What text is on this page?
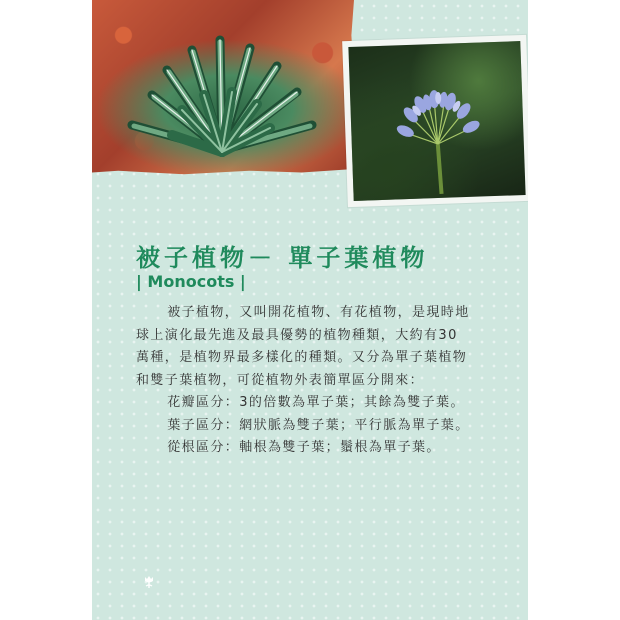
被子植物－ 單子葉植物
| Monocots |

被子植物，又叫開花植物、有花植物，是現時地球上演化最先進及最具優勢的植物種類，大約有30萬種，是植物界最多樣化的種類。又分為單子葉植物和雙子葉植物，可從植物外表簡單區分開來：

花瓣區分：3的倍數為單子葉；其餘為雙子葉。

葉子區分：網狀脈為雙子葉；平行脈為單子葉。

從根區分：軸根為雙子葉；鬚根為單子葉。
